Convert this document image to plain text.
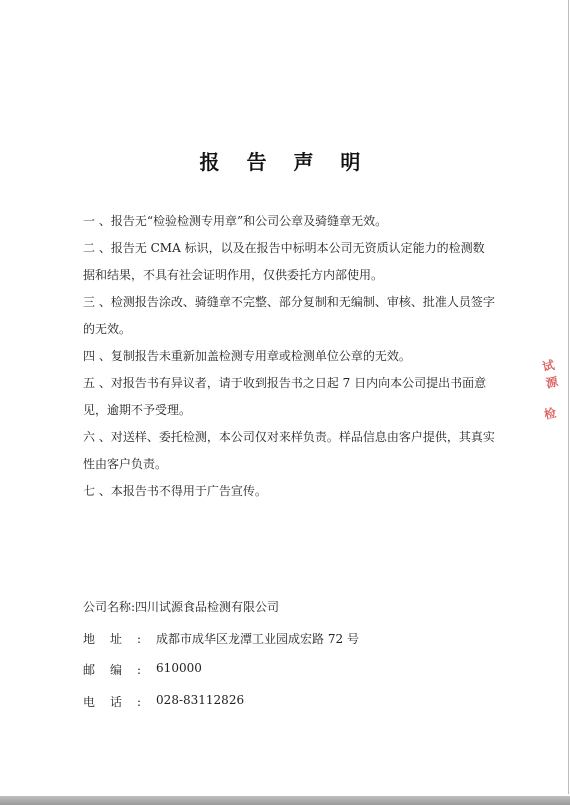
报 告 声 明

一 、报告无“检验检测专用章”和公司公章及骑缝章无效。

二 、报告无 CMA 标识，以及在报告中标明本公司无资质认定能力的检测数据和结果，不具有社会证明作用，仅供委托方内部使用。

三 、检测报告涂改、骑缝章不完整、部分复制和无编制、审核、批准人员签字的无效。

四 、复制报告未重新加盖检测专用章或检测单位公章的无效。

五 、对报告书有异议者，请于收到报告书之日起 7 日内向本公司提出书面意见，逾期不予受理。

六 、对送样、委托检测，本公司仅对来样负责。样品信息由客户提供，其真实性由客户负责。

七 、本报告书不得用于广告宣传。

公司名称: 四川试源食品检测有限公司
地址: 成都市成华区龙潭工业园成宏路 72 号
邮编: 610000
电话: 028-83112826
试源
检
